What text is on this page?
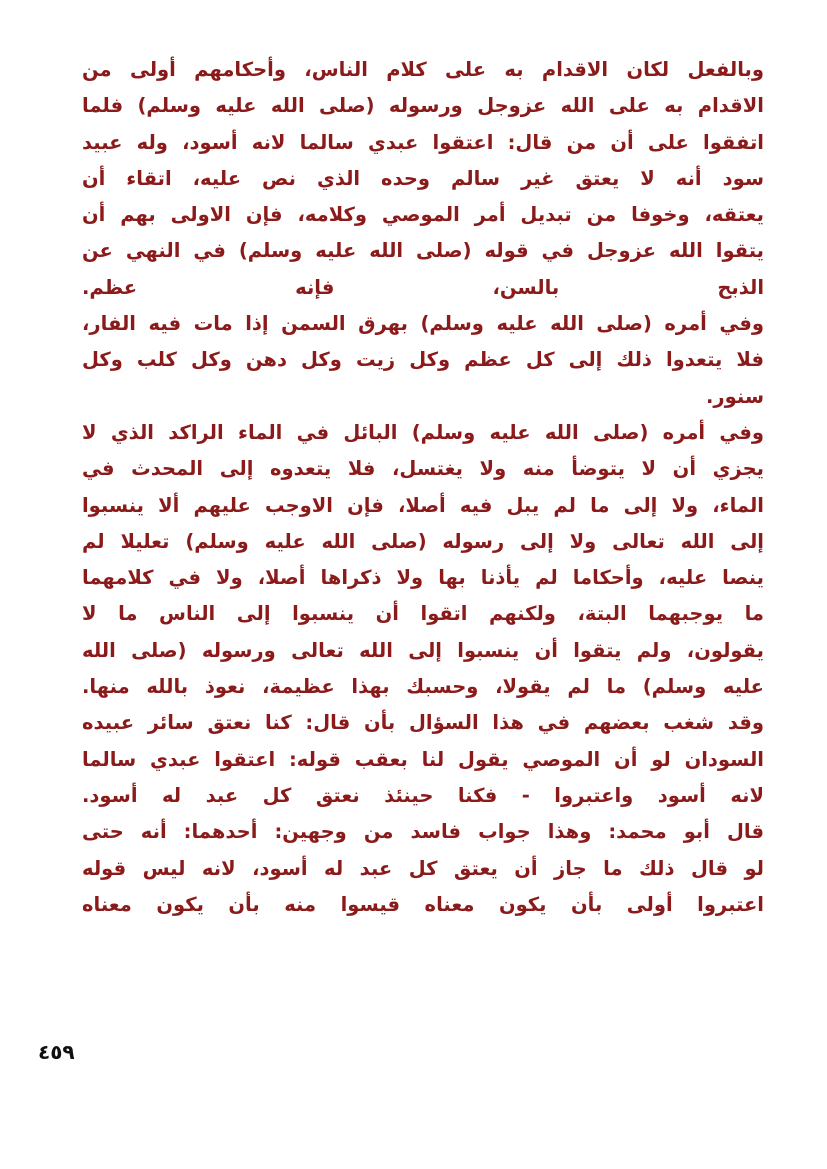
وبالفعل لكان الاقدام به على كلام الناس، وأحكامهم أولى من
الاقدام به على الله عزوجل ورسوله (صلى الله عليه وسلم) فلما
اتفقوا على أن من قال: اعتقوا عبدي سالما لانه أسود، وله عبيد
سود أنه لا يعتق غير سالم وحده الذي نص عليه، اتقاء أن
يعتقه، وخوفا من تبديل أمر الموصي وكلامه، فإن الاولى بهم أن
يتقوا الله عزوجل في قوله (صلى الله عليه وسلم) في النهي عن
الذبح بالسن، فإنه عظم.
وفي أمره (صلى الله عليه وسلم) بهرق السمن إذا مات فيه الفار،
فلا يتعدوا ذلك إلى كل عظم وكل زيت وكل دهن وكل كلب وكل
سنور.
وفي أمره (صلى الله عليه وسلم) البائل في الماء الراكد الذي لا
يجزي أن لا يتوضأ منه ولا يغتسل، فلا يتعدوه إلى المحدث في
الماء، ولا إلى ما لم يبل فيه أصلا، فإن الاوجب عليهم ألا ينسبوا
إلى الله تعالى ولا إلى رسوله (صلى الله عليه وسلم) تعليلا لم
ينصا عليه، وأحكاما لم يأذنا بها ولا ذكراها أصلا، ولا في كلامهما
ما يوجبهما البتة، ولكنهم اتقوا أن ينسبوا إلى الناس ما لا
يقولون، ولم يتقوا أن ينسبوا إلى الله تعالى ورسوله (صلى الله
عليه وسلم) ما لم يقولا، وحسبك بهذا عظيمة، نعوذ بالله منها.
وقد شغب بعضهم في هذا السؤال بأن قال: كنا نعتق سائر عبيده
السودان لو أن الموصي يقول لنا بعقب قوله: اعتقوا عبدي سالما
لانه أسود واعتبروا - فكنا حينئذ نعتق كل عبد له أسود.
قال أبو محمد: وهذا جواب فاسد من وجهين: أحدهما: أنه حتى
لو قال ذلك ما جاز أن يعتق كل عبد له أسود، لانه ليس قوله
اعتبروا أولى بأن يكون معناه قيسوا منه بأن يكون معناه
٤٥٩
